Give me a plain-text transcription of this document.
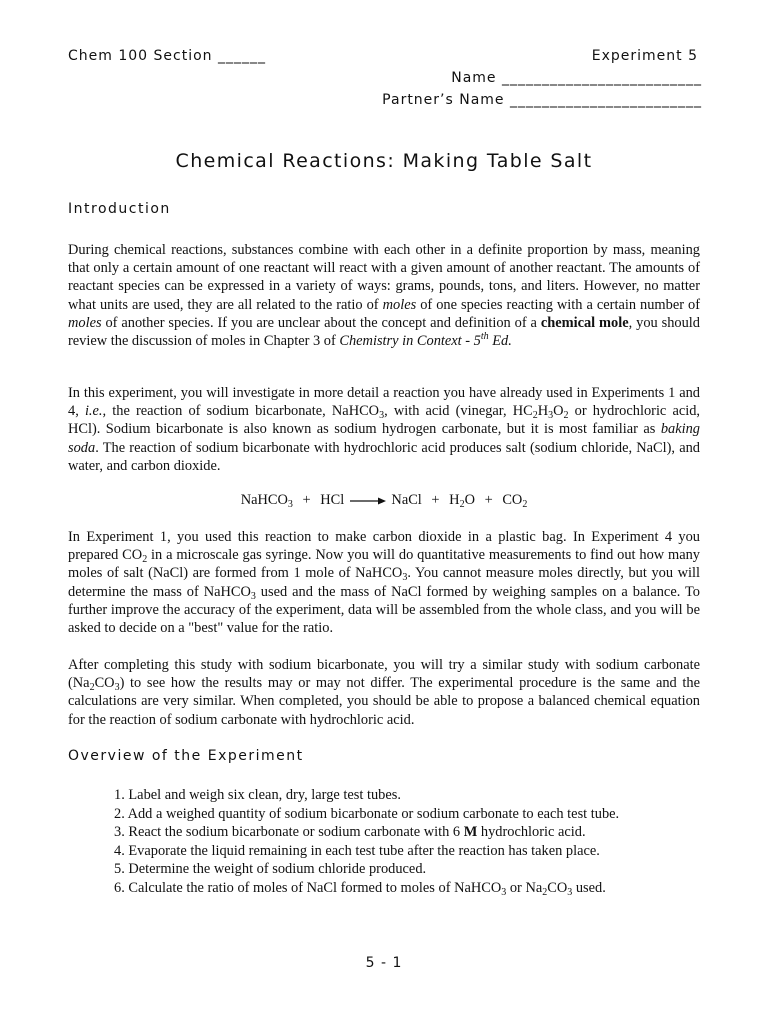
Chem 100 Section ______	Experiment 5
Name _________________________
Partner’s Name ________________________
Chemical Reactions: Making Table Salt
Introduction

During chemical reactions, substances combine with each other in a definite proportion by mass, meaning that only a certain amount of one reactant will react with a given amount of another reactant. The amounts of reactant species can be expressed in a variety of ways: grams, pounds, tons, and liters. However, no matter what units are used, they are all related to the ratio of moles of one species reacting with a certain number of moles of another species. If you are unclear about the concept and definition of a chemical mole, you should review the discussion of moles in Chapter 3 of Chemistry in Context - 5th Ed.

In this experiment, you will investigate in more detail a reaction you have already used in Experiments 1 and 4, i.e., the reaction of sodium bicarbonate, NaHCO$_3$, with acid (vinegar, $HC_2H_3O_2$ or hydrochloric acid, HCl). Sodium bicarbonate is also known as sodium hydrogen carbonate, but it is most familiar as baking soda. The reaction of sodium bicarbonate with hydrochloric acid produces salt (sodium chloride, NaCl), and water, and carbon dioxide.

NaHCO$_3$ + HCl → NaCl + $H_2O + CO_2$

In Experiment 1, you used this reaction to make carbon dioxide in a plastic bag. In Experiment 4 you prepared $CO_2$ in a microscale gas syringe. Now you will do quantitative measurements to find out how many moles of salt (NaCl) are formed from 1 mole of NaHCO$_3$. You cannot measure moles directly, but you will determine the mass of NaHCO$_3$ used and the mass of NaCl formed by weighing samples on a balance. To further improve the accuracy of the experiment, data will be assembled from the whole class, and you will be asked to decide on a "best" value for the ratio.

After completing this study with sodium bicarbonate, you will try a similar study with sodium carbonate $(Na_2CO_3)$ to see how the results may or may not differ. The experimental procedure is the same and the calculations are very similar. When completed, you should be able to propose a balanced chemical equation for the reaction of sodium carbonate with hydrochloric acid.

Overview of the Experiment
1. Label and weigh six clean, dry, large test tubes.
2. Add a weighed quantity of sodium bicarbonate or sodium carbonate to each test tube.
3. React the sodium bicarbonate or sodium carbonate with 6 M hydrochloric acid.
4. Evaporate the liquid remaining in each test tube after the reaction has taken place.
5. Determine the weight of sodium chloride produced.
6. Calculate the ratio of moles of NaCl formed to moles of NaHCO$_3$ or $Na_2CO_3$ used.
5 - 1
